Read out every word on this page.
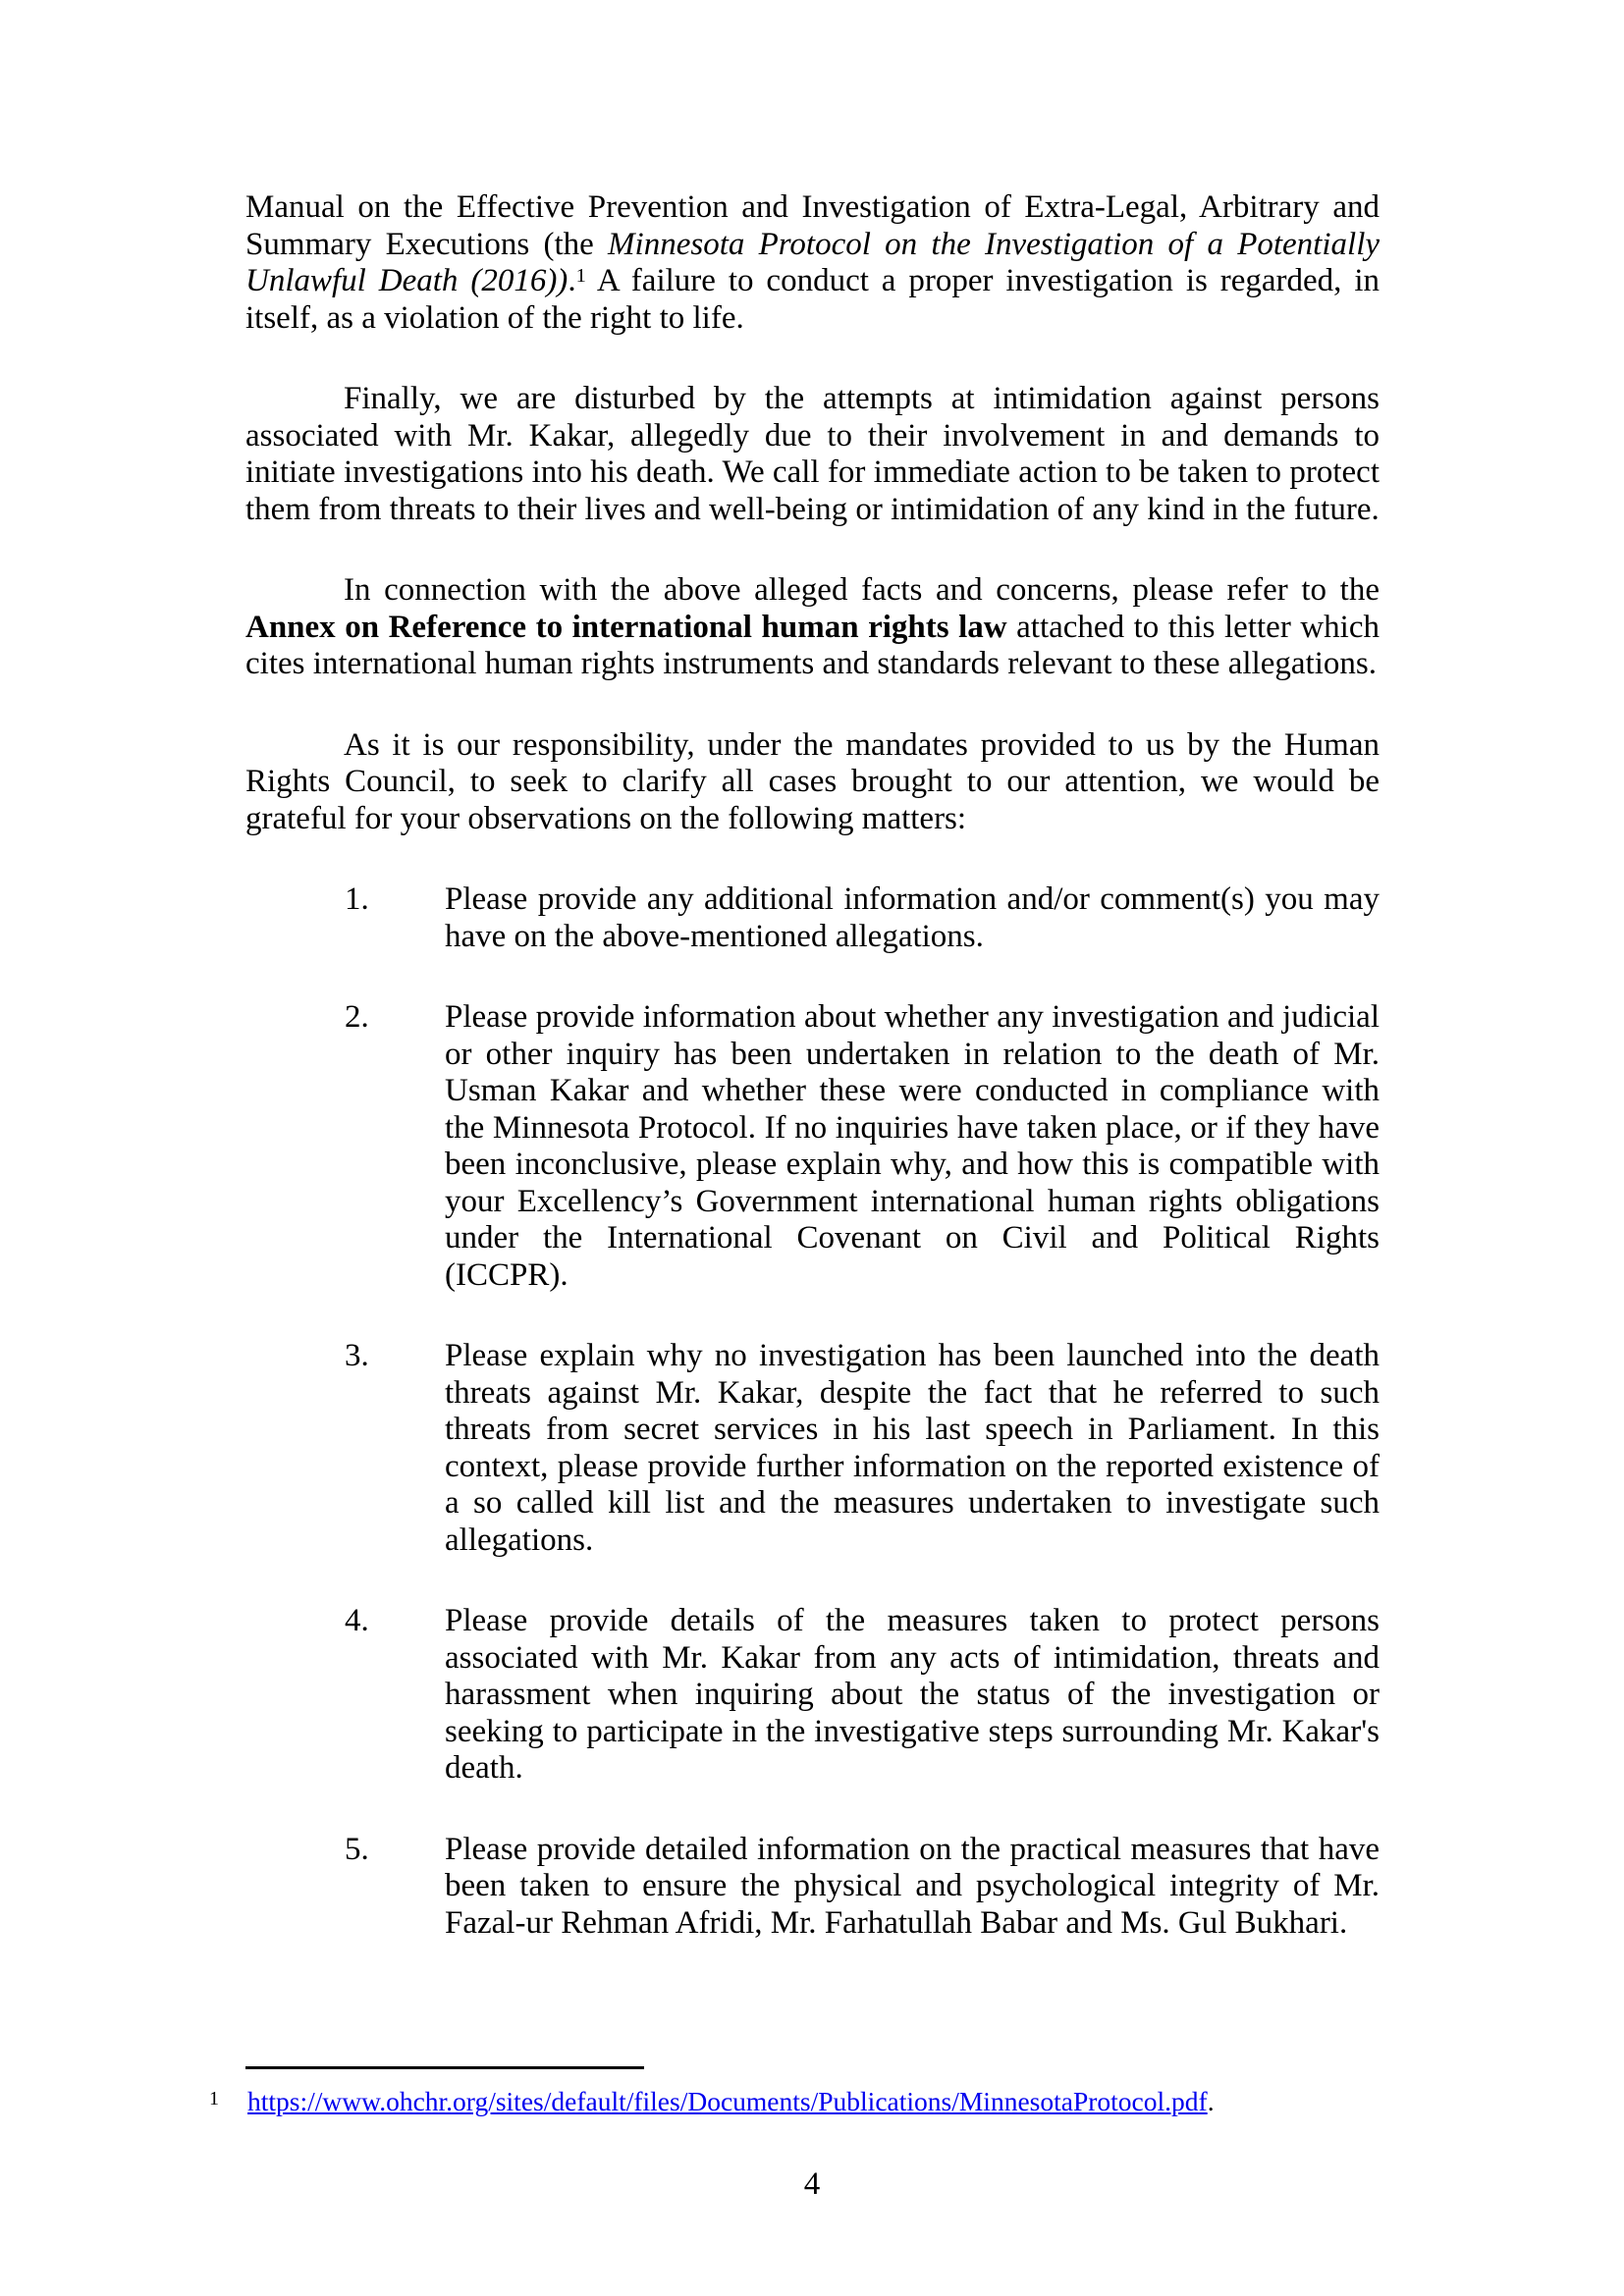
Manual on the Effective Prevention and Investigation of Extra-Legal, Arbitrary and Summary Executions (the Minnesota Protocol on the Investigation of a Potentially Unlawful Death (2016)).$^1$ A failure to conduct a proper investigation is regarded, in itself, as a violation of the right to life.

Finally, we are disturbed by the attempts at intimidation against persons associated with Mr. Kakar, allegedly due to their involvement in and demands to initiate investigations into his death. We call for immediate action to be taken to protect them from threats to their lives and well-being or intimidation of any kind in the future.

In connection with the above alleged facts and concerns, please refer to the Annex on Reference to international human rights law attached to this letter which cites international human rights instruments and standards relevant to these allegations.

As it is our responsibility, under the mandates provided to us by the Human Rights Council, to seek to clarify all cases brought to our attention, we would be grateful for your observations on the following matters:

1. Please provide any additional information and/or comment(s) you may have on the above-mentioned allegations.
2. Please provide information about whether any investigation and judicial or other inquiry has been undertaken in relation to the death of Mr. Usman Kakar and whether these were conducted in compliance with the Minnesota Protocol. If no inquiries have taken place, or if they have been inconclusive, please explain why, and how this is compatible with your Excellency’s Government international human rights obligations under the International Covenant on Civil and Political Rights (ICCPR).
3. Please explain why no investigation has been launched into the death threats against Mr. Kakar, despite the fact that he referred to such threats from secret services in his last speech in Parliament. In this context, please provide further information on the reported existence of a so called kill list and the measures undertaken to investigate such allegations.
4. Please provide details of the measures taken to protect persons associated with Mr. Kakar from any acts of intimidation, threats and harassment when inquiring about the status of the investigation or seeking to participate in the investigative steps surrounding Mr. Kakar's death.
5. Please provide detailed information on the practical measures that have been taken to ensure the physical and psychological integrity of Mr. Fazal-ur Rehman Afridi, Mr. Farhatullah Babar and Ms. Gul Bukhari.
1 https://www.ohchr.org/sites/default/files/Documents/Publications/MinnesotaProtocol.pdf.
4
